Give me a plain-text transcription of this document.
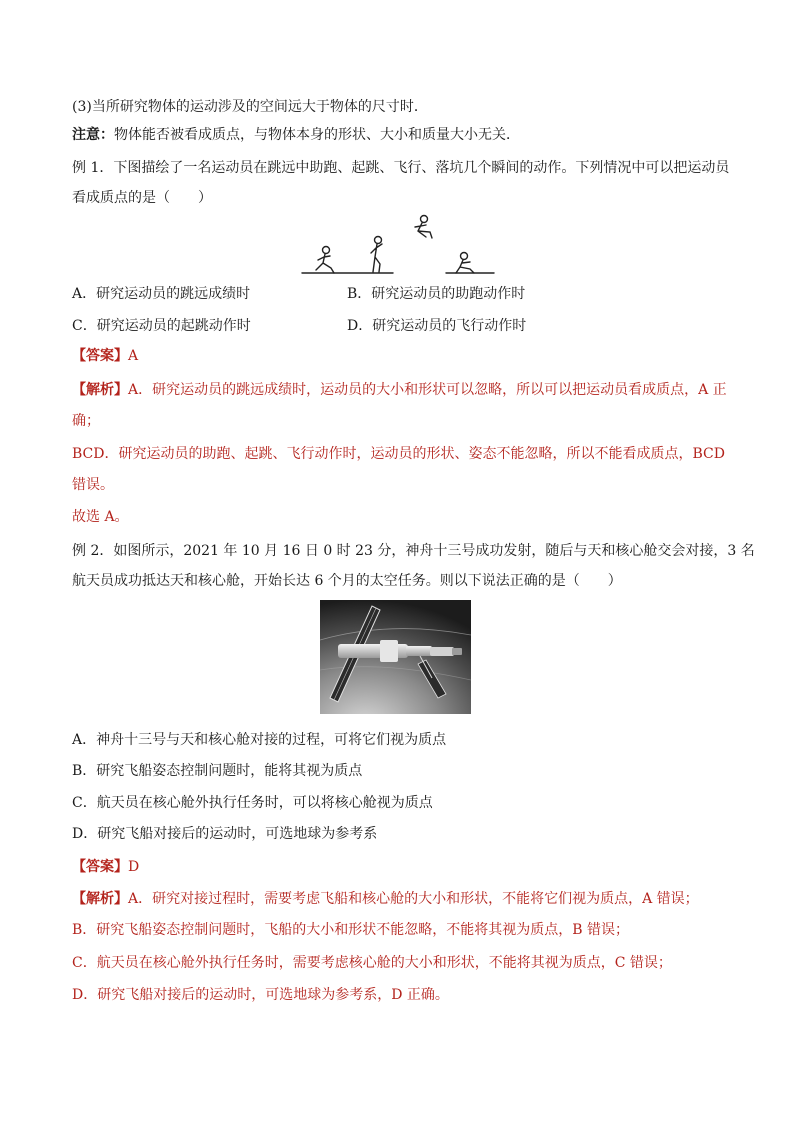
(3)当所研究物体的运动涉及的空间远大于物体的尺寸时．
注意：物体能否被看成质点，与物体本身的形状、大小和质量大小无关．
例 1．下图描绘了一名运动员在跳远中助跑、起跳、飞行、落坑几个瞬间的动作。下列情况中可以把运动员
看成质点的是（　　）
A．研究运动员的跳远成绩时	B．研究运动员的助跑动作时
C．研究运动员的起跳动作时	D．研究运动员的飞行动作时
【答案】A
【解析】A．研究运动员的跳远成绩时，运动员的大小和形状可以忽略，所以可以把运动员看成质点，A 正
确；
BCD．研究运动员的助跑、起跳、飞行动作时，运动员的形状、姿态不能忽略，所以不能看成质点，BCD
错误。
故选 A。
例 2．如图所示，2021 年 10 月 16 日 0 时 23 分，神舟十三号成功发射，随后与天和核心舱交会对接，3 名
航天员成功抵达天和核心舱，开始长达 6 个月的太空任务。则以下说法正确的是（　　）
A．神舟十三号与天和核心舱对接的过程，可将它们视为质点
B．研究飞船姿态控制问题时，能将其视为质点
C．航天员在核心舱外执行任务时，可以将核心舱视为质点
D．研究飞船对接后的运动时，可选地球为参考系
【答案】D
【解析】A．研究对接过程时，需要考虑飞船和核心舱的大小和形状，不能将它们视为质点，A 错误；
B．研究飞船姿态控制问题时，飞船的大小和形状不能忽略，不能将其视为质点，B 错误；
C．航天员在核心舱外执行任务时，需要考虑核心舱的大小和形状，不能将其视为质点，C 错误；
D．研究飞船对接后的运动时，可选地球为参考系，D 正确。
